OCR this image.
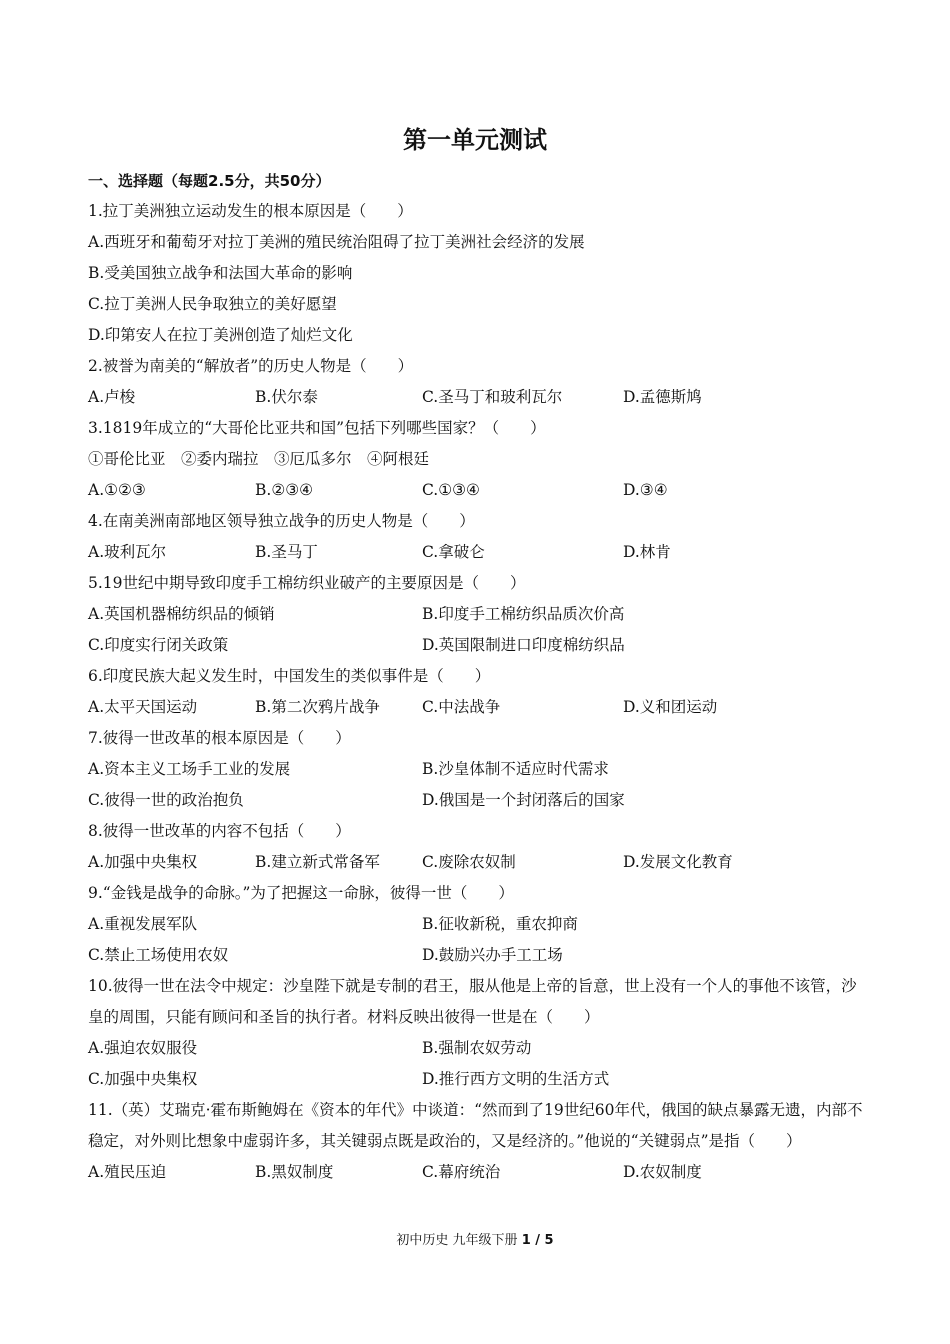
第一单元测试
一、选择题（每题2.5分，共50分）
1.拉丁美洲独立运动发生的根本原因是（　　）
A.西班牙和葡萄牙对拉丁美洲的殖民统治阻碍了拉丁美洲社会经济的发展
B.受美国独立战争和法国大革命的影响
C.拉丁美洲人民争取独立的美好愿望
D.印第安人在拉丁美洲创造了灿烂文化
2.被誉为南美的“解放者”的历史人物是（　　）
A.卢梭	B.伏尔泰	C.圣马丁和玻利瓦尔	D.孟德斯鸠
3.1819年成立的“大哥伦比亚共和国”包括下列哪些国家？（　　）
①哥伦比亚　②委内瑞拉　③厄瓜多尔　④阿根廷
A.①②③	B.②③④	C.①③④	D.③④
4.在南美洲南部地区领导独立战争的历史人物是（　　）
A.玻利瓦尔	B.圣马丁	C.拿破仑	D.林肯
5.19世纪中期导致印度手工棉纺织业破产的主要原因是（　　）
A.英国机器棉纺织品的倾销	B.印度手工棉纺织品质次价高
C.印度实行闭关政策	D.英国限制进口印度棉纺织品
6.印度民族大起义发生时，中国发生的类似事件是（　　）
A.太平天国运动	B.第二次鸦片战争	C.中法战争	D.义和团运动
7.彼得一世改革的根本原因是（　　）
A.资本主义工场手工业的发展	B.沙皇体制不适应时代需求
C.彼得一世的政治抱负	D.俄国是一个封闭落后的国家
8.彼得一世改革的内容不包括（　　）
A.加强中央集权	B.建立新式常备军	C.废除农奴制	D.发展文化教育
9.“金钱是战争的命脉。”为了把握这一命脉，彼得一世（　　）
A.重视发展军队	B.征收新税，重农抑商
C.禁止工场使用农奴	D.鼓励兴办手工工场
10.彼得一世在法令中规定：沙皇陛下就是专制的君王，服从他是上帝的旨意，世上没有一个人的事他不该管，沙皇的周围，只能有顾问和圣旨的执行者。材料反映出彼得一世是在（　　）
A.强迫农奴服役	B.强制农奴劳动
C.加强中央集权	D.推行西方文明的生活方式
11.（英）艾瑞克·霍布斯鲍姆在《资本的年代》中谈道：“然而到了19世纪60年代，俄国的缺点暴露无遗，内部不稳定，对外则比想象中虚弱许多，其关键弱点既是政治的，又是经济的。”他说的“关键弱点”是指（　　）
A.殖民压迫	B.黑奴制度	C.幕府统治	D.农奴制度
初中历史 九年级下册 1 / 5
